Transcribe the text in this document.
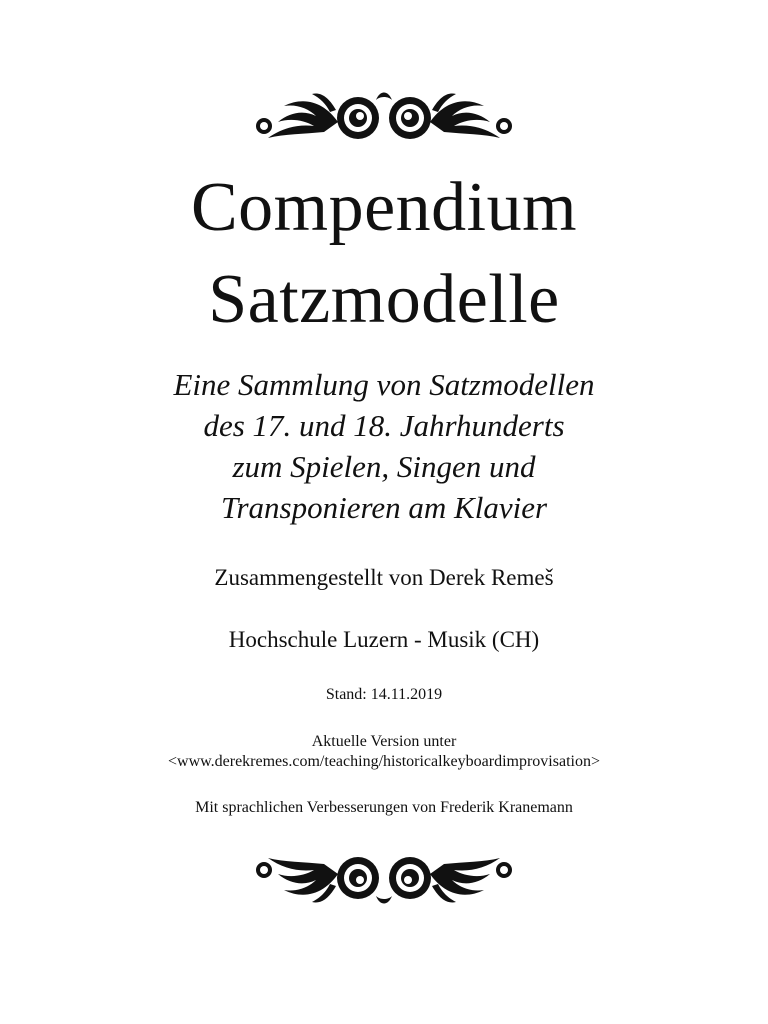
Compendium
Satzmodelle
Eine Sammlung von Satzmodellen
des 17. und 18. Jahrhunderts
zum Spielen, Singen und
Transponieren am Klavier

Zusammengestellt von Derek Remeš

Hochschule Luzern - Musik (CH)

Stand: 14.11.2019

Aktuelle Version unter

<www.derekremes.com/teaching/historicalkeyboardimprovisation>

Mit sprachlichen Verbesserungen von Frederik Kranemann
